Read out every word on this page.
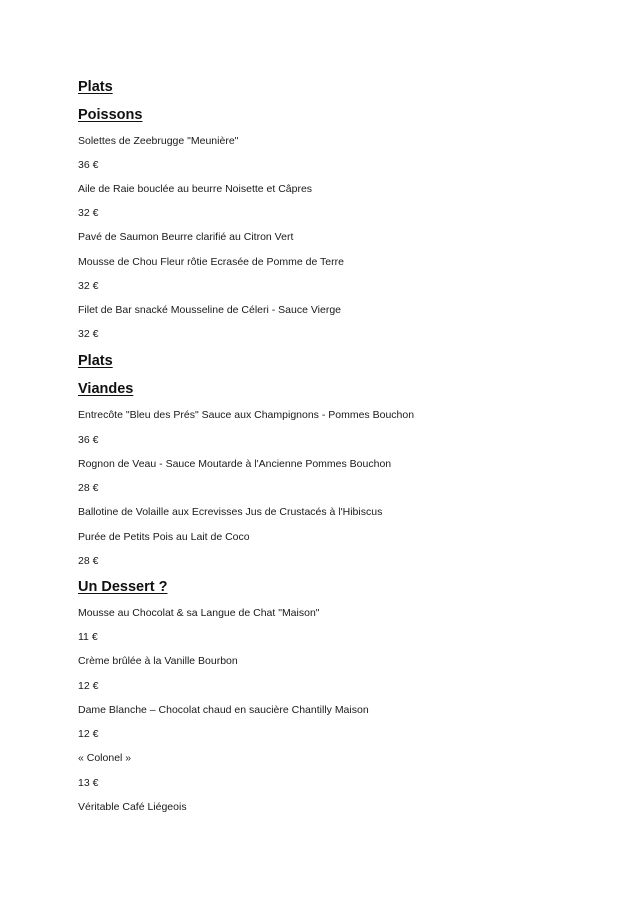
Plats
Poissons
Solettes de Zeebrugge "Meunière"
36 €
Aile de Raie bouclée au beurre Noisette et Câpres
32 €
Pavé de Saumon Beurre clarifié au Citron Vert
Mousse de Chou Fleur rôtie Ecrasée de Pomme de Terre
32 €
Filet de Bar snacké Mousseline de Céleri - Sauce Vierge
32 €
Plats
Viandes
Entrecôte "Bleu des Prés" Sauce aux Champignons - Pommes Bouchon
36 €
Rognon de Veau - Sauce Moutarde à l'Ancienne Pommes Bouchon
28 €
Ballotine de Volaille aux Ecrevisses Jus de Crustacés à l'Hibiscus
Purée de Petits Pois au Lait de Coco
28 €
Un Dessert ?
Mousse au Chocolat & sa Langue de Chat "Maison"
11 €
Crème brûlée à la Vanille Bourbon
12 €
Dame Blanche – Chocolat chaud en saucière Chantilly Maison
12 €
« Colonel »
13 €
Véritable Café Liégeois
